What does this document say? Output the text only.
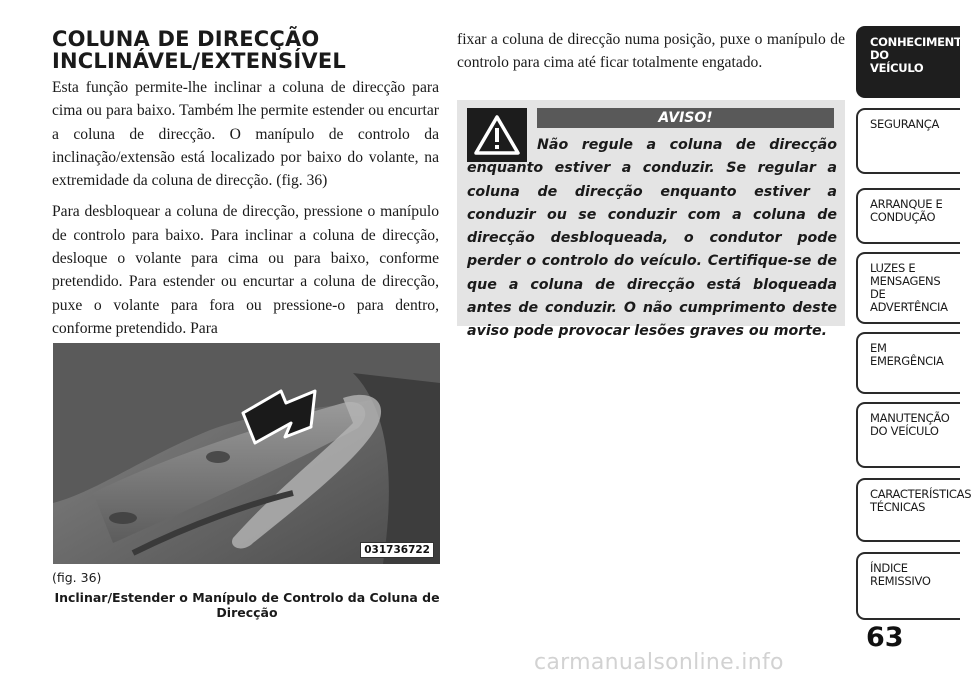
COLUNA DE DIRECÇÃO
INCLINÁVEL/EXTENSÍVEL

Esta função permite-lhe inclinar a coluna de direcção para cima ou para baixo. Também lhe permite estender ou encurtar a coluna de direcção. O manípulo de controlo da inclinação/extensão está localizado por baixo do volante, na extremidade da coluna de direcção. (fig. 36)

Para desbloquear a coluna de direcção, pressione o manípulo de controlo para baixo. Para inclinar a coluna de direcção, desloque o volante para cima ou para baixo, conforme pretendido. Para estender ou encurtar a coluna de direcção, puxe o volante para fora ou pressione-o para dentro, conforme pretendido. Para

fixar a coluna de direcção numa posição, puxe o manípulo de controlo para cima até ficar totalmente engatado.

AVISO!
Não regule a coluna de direcção enquanto estiver a conduzir. Se regular a coluna de direcção enquanto estiver a conduzir ou se conduzir com a coluna de direcção desbloqueada, o condutor pode perder o controlo do veículo. Certifique-se de que a coluna de direcção está bloqueada antes de conduzir. O não cumprimento deste aviso pode provocar lesões graves ou morte.
031736722
(fig. 36)
Inclinar/Estender o Manípulo de Controlo da Coluna de Direcção
CONHECIMENTO
DO
VEÍCULO
SEGURANÇA
ARRANQUE E
CONDUÇÃO
LUZES E
MENSAGENS
DE
ADVERTÊNCIA
EM
EMERGÊNCIA
MANUTENÇÃO
DO VEÍCULO
CARACTERÍSTICAS
TÉCNICAS
ÍNDICE
REMISSIVO
63
carmanualsonline.info
